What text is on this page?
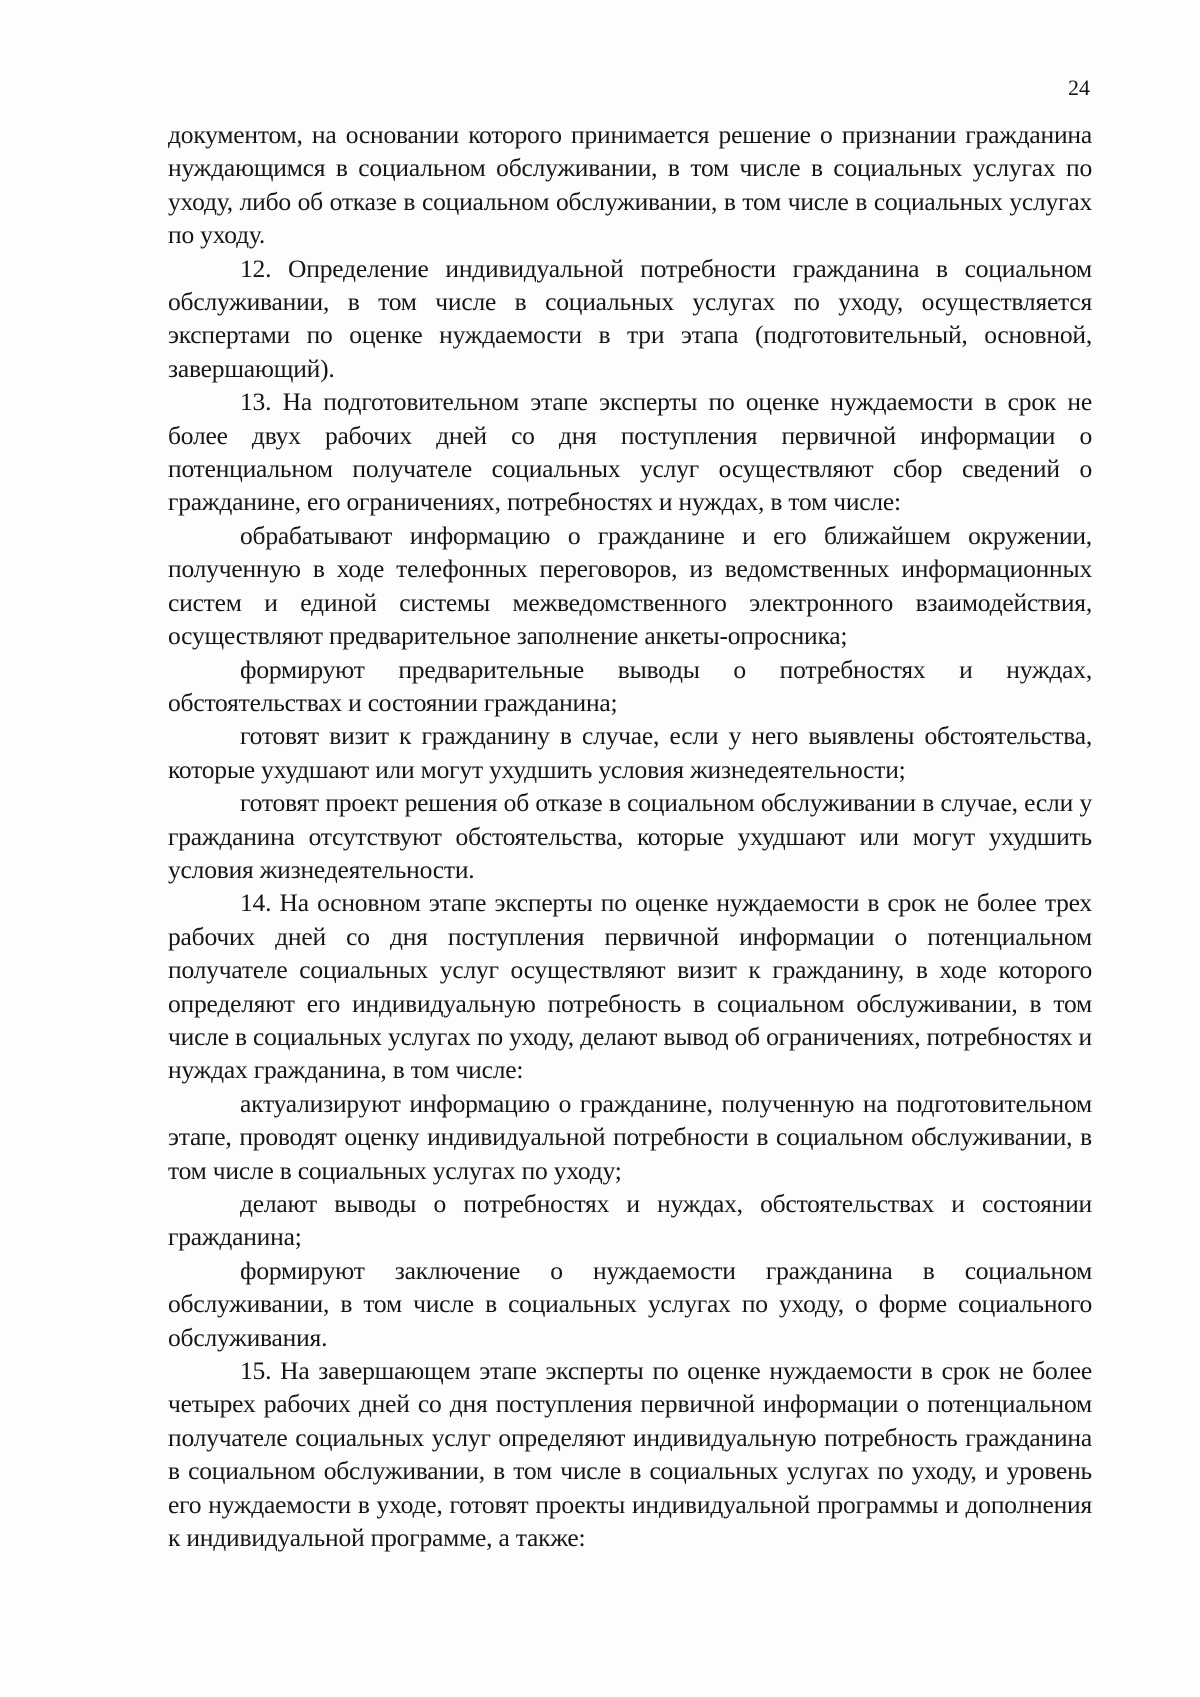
24

документом, на основании которого принимается решение о признании гражданина нуждающимся в социальном обслуживании, в том числе в социальных услугах по уходу, либо об отказе в социальном обслуживании, в том числе в социальных услугах по уходу.

12. Определение индивидуальной потребности гражданина в социальном обслуживании, в том числе в социальных услугах по уходу, осуществляется экспертами по оценке нуждаемости в три этапа (подготовительный, основной, завершающий).

13. На подготовительном этапе эксперты по оценке нуждаемости в срок не более двух рабочих дней со дня поступления первичной информации о потенциальном получателе социальных услуг осуществляют сбор сведений о гражданине, его ограничениях, потребностях и нуждах, в том числе:

обрабатывают информацию о гражданине и его ближайшем окружении, полученную в ходе телефонных переговоров, из ведомственных информационных систем и единой системы межведомственного электронного взаимодействия, осуществляют предварительное заполнение анкеты-опросника;

формируют предварительные выводы о потребностях и нуждах, обстоятельствах и состоянии гражданина;

готовят визит к гражданину в случае, если у него выявлены обстоятельства, которые ухудшают или могут ухудшить условия жизнедеятельности;

готовят проект решения об отказе в социальном обслуживании в случае, если у гражданина отсутствуют обстоятельства, которые ухудшают или могут ухудшить условия жизнедеятельности.

14. На основном этапе эксперты по оценке нуждаемости в срок не более трех рабочих дней со дня поступления первичной информации о потенциальном получателе социальных услуг осуществляют визит к гражданину, в ходе которого определяют его индивидуальную потребность в социальном обслуживании, в том числе в социальных услугах по уходу, делают вывод об ограничениях, потребностях и нуждах гражданина, в том числе:

актуализируют информацию о гражданине, полученную на подготовительном этапе, проводят оценку индивидуальной потребности в социальном обслуживании, в том числе в социальных услугах по уходу;

делают выводы о потребностях и нуждах, обстоятельствах и состоянии гражданина;

формируют заключение о нуждаемости гражданина в социальном обслуживании, в том числе в социальных услугах по уходу, о форме социального обслуживания.

15. На завершающем этапе эксперты по оценке нуждаемости в срок не более четырех рабочих дней со дня поступления первичной информации о потенциальном получателе социальных услуг определяют индивидуальную потребность гражданина в социальном обслуживании, в том числе в социальных услугах по уходу, и уровень его нуждаемости в уходе, готовят проекты индивидуальной программы и дополнения к индивидуальной программе, а также:
